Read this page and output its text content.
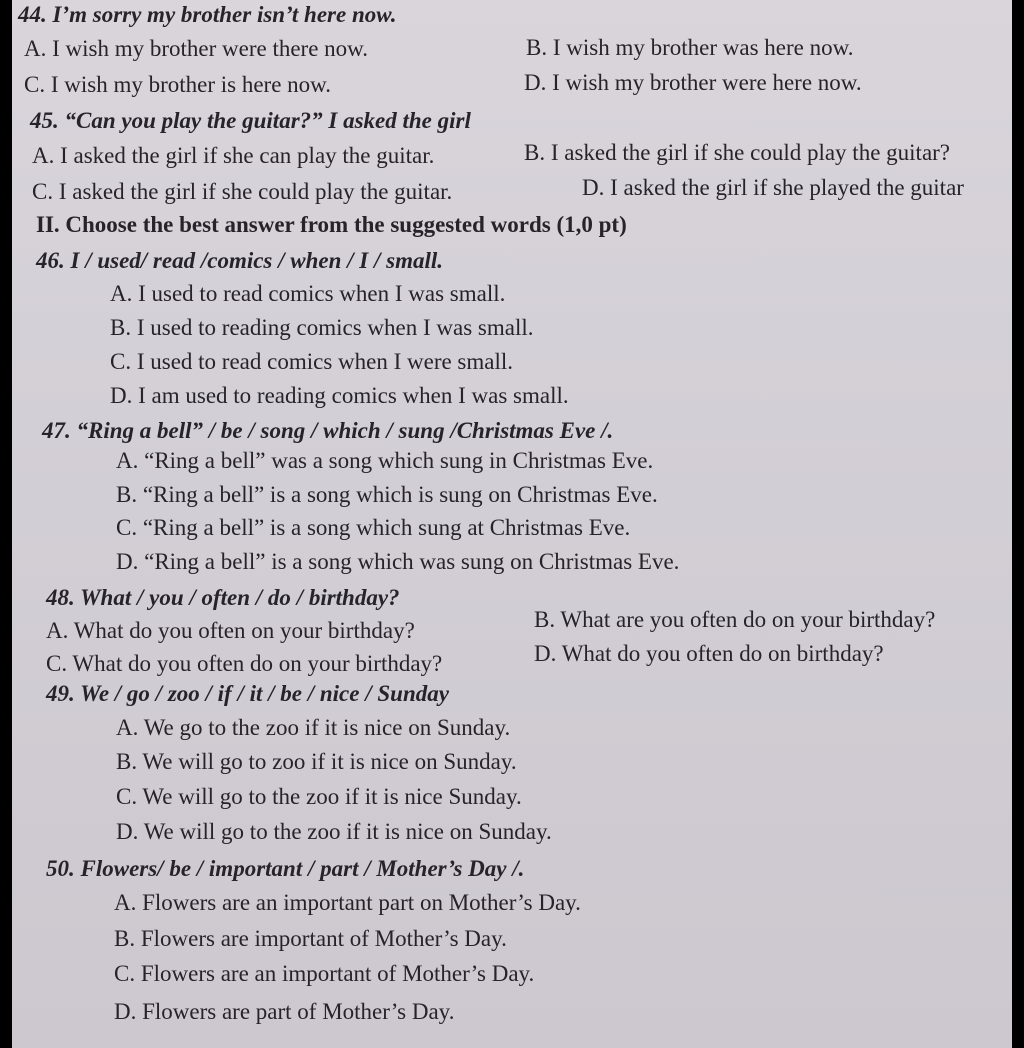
44. I’m sorry my brother isn’t here now.
A. I wish my brother were there now.	B. I wish my brother was here now.
C. I wish my brother is here now.	D. I wish my brother were here now.
45. “Can you play the guitar?” I asked the girl
A. I asked the girl if she can play the guitar.	B. I asked the girl if she could play the guitar?
C. I asked the girl if she could play the guitar.	D. I asked the girl if she played the guitar
II. Choose the best answer from the suggested words (1,0 pt)
46. I / used/ read /comics / when / I / small.
A. I used to read comics when I was small.
B. I used to reading comics when I was small.
C. I used to read comics when I were small.
D. I am used to reading comics when I was small.
47. “Ring a bell” / be / song / which / sung /Christmas Eve /.
A. “Ring a bell” was a song which sung in Christmas Eve.
B. “Ring a bell” is a song which is sung on Christmas Eve.
C. “Ring a bell” is a song which sung at Christmas Eve.
D. “Ring a bell” is a song which was sung on Christmas Eve.
48. What / you / often / do / birthday?
A. What do you often on your birthday?	B. What are you often do on your birthday?
C. What do you often do on your birthday?	D. What do you often do on birthday?
49. We / go / zoo / if / it / be / nice / Sunday
A. We go to the zoo if it is nice on Sunday.
B. We will go to zoo if it is nice on Sunday.
C. We will go to the zoo if it is nice Sunday.
D. We will go to the zoo if it is nice on Sunday.
50. Flowers/ be / important / part / Mother’s Day /.
A. Flowers are an important part on Mother’s Day.
B. Flowers are important of Mother’s Day.
C. Flowers are an important of Mother’s Day.
D. Flowers are part of Mother’s Day.
